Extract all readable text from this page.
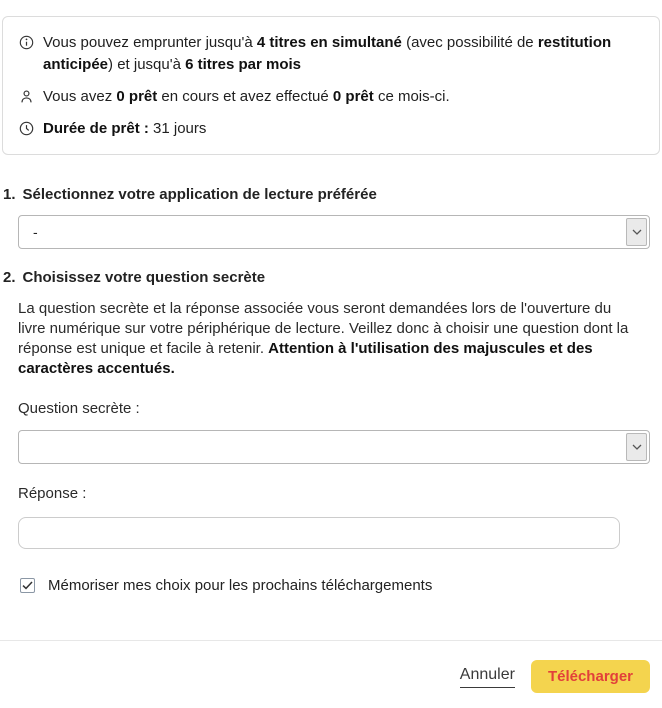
Vous pouvez emprunter jusqu'à 4 titres en simultané (avec possibilité de restitution anticipée) et jusqu'à 6 titres par mois
Vous avez 0 prêt en cours et avez effectué 0 prêt ce mois-ci.
Durée de prêt : 31 jours
1. Sélectionnez votre application de lecture préférée
-
2. Choisissez votre question secrète

La question secrète et la réponse associée vous seront demandées lors de l'ouverture du livre numérique sur votre périphérique de lecture. Veillez donc à choisir une question dont la réponse est unique et facile à retenir. Attention à l'utilisation des majuscules et des caractères accentués.

Question secrète :
Réponse :
Mémoriser mes choix pour les prochains téléchargements
Annuler	Télécharger
